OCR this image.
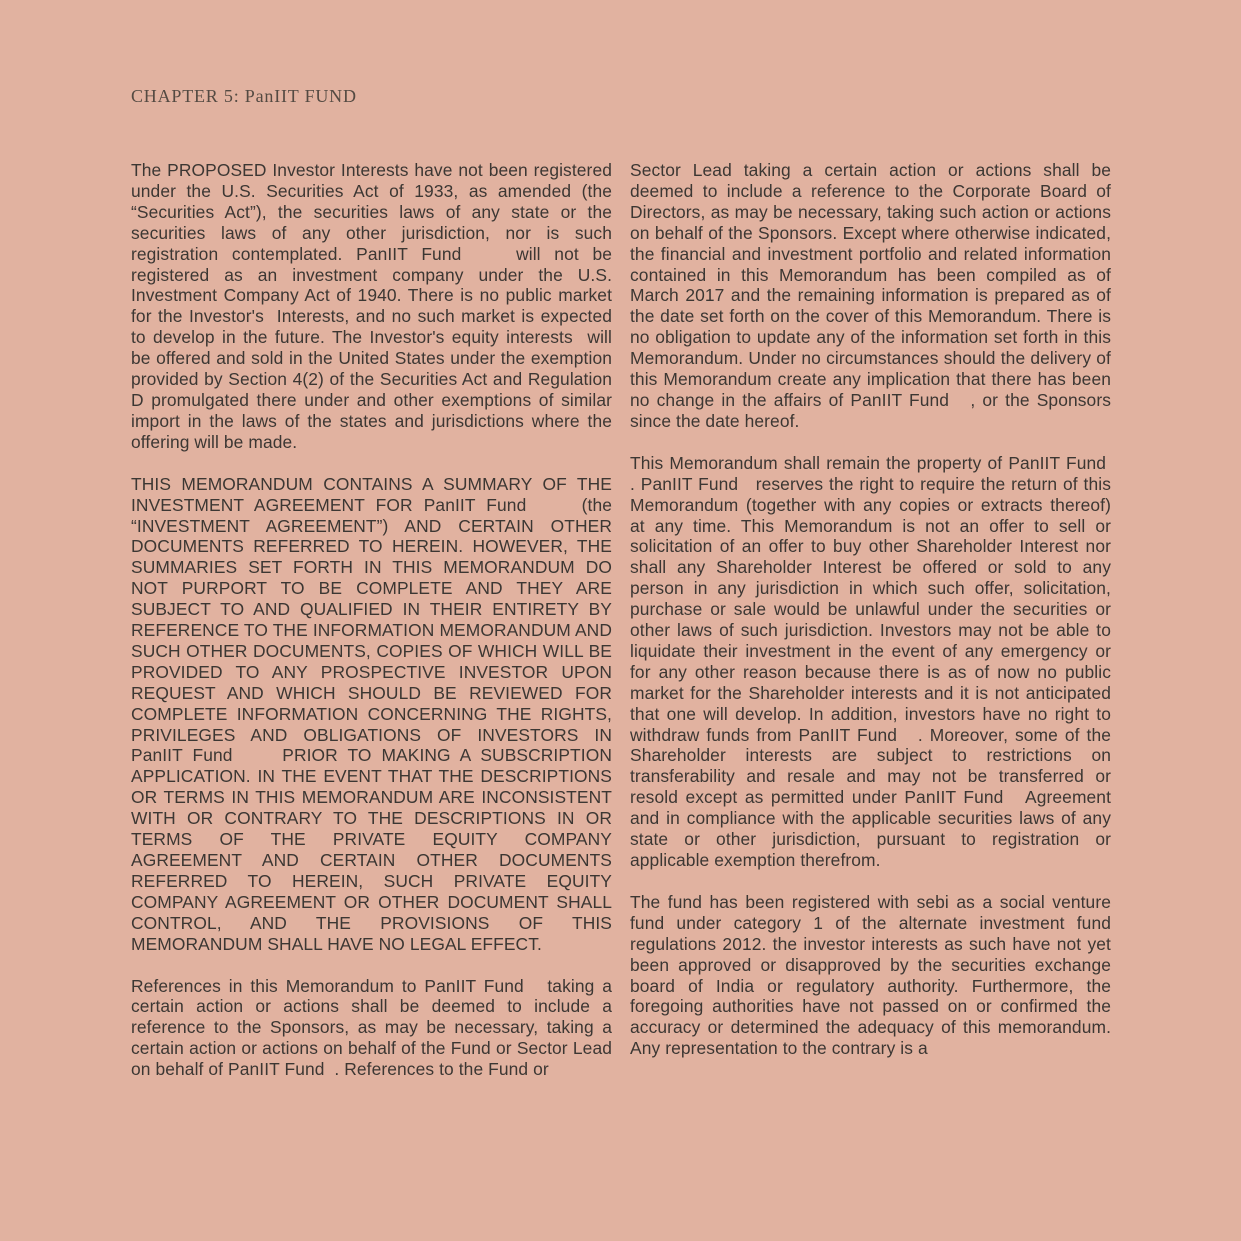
CHAPTER 5: PanIIT FUND

The PROPOSED Investor Interests have not been registered under the U.S. Securities Act of 1933, as amended (the “Securities Act”), the securities laws of any state or the securities laws of any other jurisdiction, nor is such registration contemplated. PanIIT Fund    will not be registered as an investment company under the U.S. Investment Company Act of 1940. There is no public market for the Investor's  Interests, and no such market is expected to develop in the future. The Investor's equity interests  will be offered and sold in the United States under the exemption provided by Section 4(2) of the Securities Act and Regulation D promulgated there under and other exemptions of similar import in the laws of the states and jurisdictions where the offering will be made.

THIS MEMORANDUM CONTAINS A SUMMARY OF THE INVESTMENT AGREEMENT FOR PanIIT Fund     (the “INVESTMENT AGREEMENT”) AND CERTAIN OTHER DOCUMENTS REFERRED TO HEREIN. HOWEVER, THE SUMMARIES SET FORTH IN THIS MEMORANDUM DO NOT PURPORT TO BE COMPLETE AND THEY ARE SUBJECT TO AND QUALIFIED IN THEIR ENTIRETY BY REFERENCE TO THE INFORMATION MEMORANDUM AND SUCH OTHER DOCUMENTS, COPIES OF WHICH WILL BE PROVIDED TO ANY PROSPECTIVE INVESTOR UPON REQUEST AND WHICH SHOULD BE REVIEWED FOR COMPLETE INFORMATION CONCERNING THE RIGHTS, PRIVILEGES AND OBLIGATIONS OF INVESTORS IN PanIIT Fund     PRIOR TO MAKING A SUBSCRIPTION APPLICATION. IN THE EVENT THAT THE DESCRIPTIONS OR TERMS IN THIS MEMORANDUM ARE INCONSISTENT WITH OR CONTRARY TO THE DESCRIPTIONS IN OR TERMS OF THE PRIVATE EQUITY COMPANY AGREEMENT AND CERTAIN OTHER DOCUMENTS REFERRED TO HEREIN, SUCH PRIVATE EQUITY COMPANY AGREEMENT OR OTHER DOCUMENT SHALL CONTROL, AND THE PROVISIONS OF THIS MEMORANDUM SHALL HAVE NO LEGAL EFFECT.

References in this Memorandum to PanIIT Fund   taking a certain action or actions shall be deemed to include a reference to the Sponsors, as may be necessary, taking a certain action or actions on behalf of the Fund or Sector Lead on behalf of PanIIT Fund  . References to the Fund or

Sector Lead taking a certain action or actions shall be deemed to include a reference to the Corporate Board of Directors, as may be necessary, taking such action or actions on behalf of the Sponsors. Except where otherwise indicated, the financial and investment portfolio and related information contained in this Memorandum has been compiled as of March 2017 and the remaining information is prepared as of the date set forth on the cover of this Memorandum. There is no obligation to update any of the information set forth in this Memorandum. Under no circumstances should the delivery of this Memorandum create any implication that there has been no change in the affairs of PanIIT Fund   , or the Sponsors since the date hereof.

This Memorandum shall remain the property of PanIIT Fund  . PanIIT Fund   reserves the right to require the return of this Memorandum (together with any copies or extracts thereof) at any time. This Memorandum is not an offer to sell or solicitation of an offer to buy other Shareholder Interest nor shall any Shareholder Interest be offered or sold to any person in any jurisdiction in which such offer, solicitation, purchase or sale would be unlawful under the securities or other laws of such jurisdiction. Investors may not be able to liquidate their investment in the event of any emergency or for any other reason because there is as of now no public market for the Shareholder interests and it is not anticipated that one will develop. In addition, investors have no right to withdraw funds from PanIIT Fund   . Moreover, some of the Shareholder interests are subject to restrictions on transferability and resale and may not be transferred or resold except as permitted under PanIIT Fund   Agreement and in compliance with the applicable securities laws of any state or other jurisdiction, pursuant to registration or applicable exemption therefrom.

The fund has been registered with sebi as a social venture fund under category 1 of the alternate investment fund regulations 2012. the investor interests as such have not yet been approved or disapproved by the securities exchange board of India or regulatory authority. Furthermore, the foregoing authorities have not passed on or confirmed the accuracy or determined the adequacy of this memorandum. Any representation to the contrary is a
